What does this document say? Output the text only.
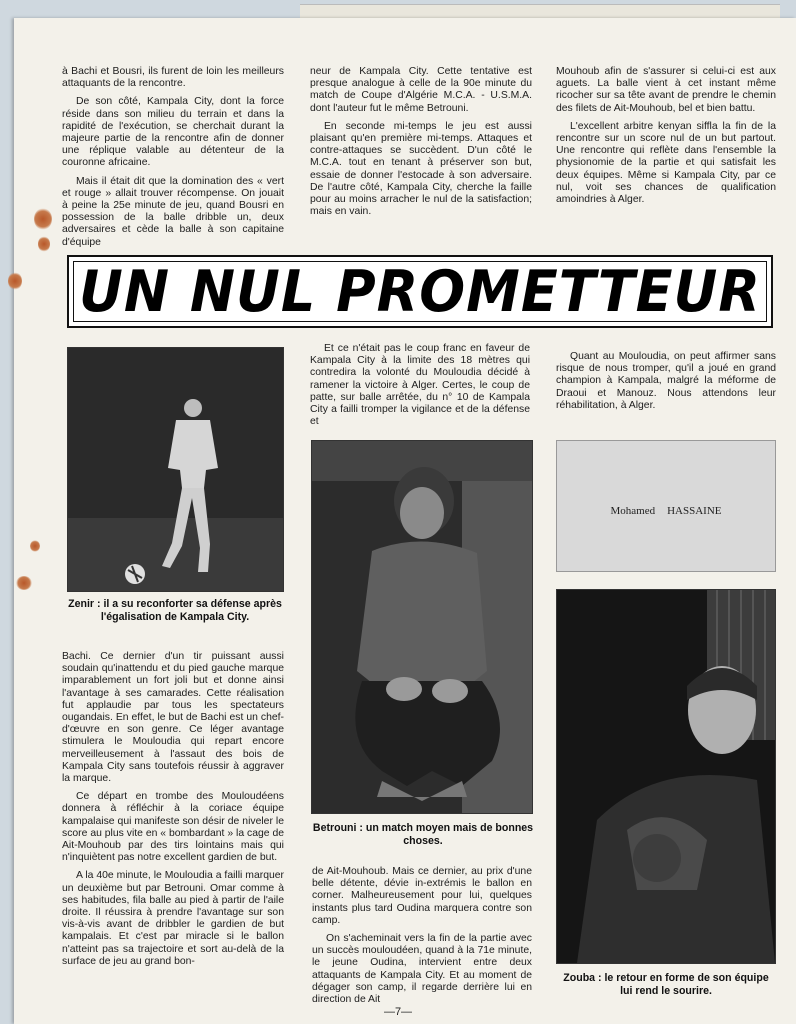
à Bachi et Bousri, ils furent de loin les meilleurs attaquants de la rencontre.

De son côté, Kampala City, dont la force réside dans son milieu du terrain et dans la rapidité de l'exécution, se cherchait durant la majeure partie de la rencontre afin de donner une réplique valable au détenteur de la couronne africaine.

Mais il était dit que la domination des « vert et rouge » allait trouver récompense. On jouait à peine la 25e minute de jeu, quand Bousri en possession de la balle dribble un, deux adversaires et cède la balle à son capitaine d'équipe

neur de Kampala City. Cette tentative est presque analogue à celle de la 90e minute du match de Coupe d'Algérie M.C.A. - U.S.M.A. dont l'auteur fut le même Betrouni.

En seconde mi-temps le jeu est aussi plaisant qu'en première mi-temps. Attaques et contre-attaques se succèdent. D'un côté le M.C.A. tout en tenant à préserver son but, essaie de donner l'estocade à son adversaire. De l'autre côté, Kampala City, cherche la faille pour au moins arracher le nul de la satisfaction; mais en vain.

Mouhoub afin de s'assurer si celui-ci est aux aguets. La balle vient à cet instant même ricocher sur sa tête avant de prendre le chemin des filets de Ait-Mouhoub, bel et bien battu.

L'excellent arbitre kenyan siffla la fin de la rencontre sur un score nul de un but partout. Une rencontre qui reflète dans l'ensemble la physionomie de la partie et qui satisfait les deux équipes. Même si Kampala City, par ce nul, voit ses chances de qualification amoindries à Alger.

UN NUL PROMETTEUR
Zenir : il a su reconforter sa défense après l'égalisation de Kampala City.

Et ce n'était pas le coup franc en faveur de Kampala City à la limite des 18 mètres qui contredira la volonté du Mouloudia décidé à ramener la victoire à Alger. Certes, le coup de patte, sur balle arrêtée, du n° 10 de Kampala City a failli tromper la vigilance et de la défense et

Quant au Mouloudia, on peut affirmer sans risque de nous tromper, qu'il a joué en grand champion à Kampala, malgré la méforme de Draoui et Manouz. Nous attendons leur réhabilitation, à Alger.

Mohamed HASSAINE
Betrouni : un match moyen mais de bonnes choses.
Zouba : le retour en forme de son équipe lui rend le sourire.

Bachi. Ce dernier d'un tir puissant aussi soudain qu'inattendu et du pied gauche marque imparablement un fort joli but et donne ainsi l'avantage à ses camarades. Cette réalisation fut applaudie par tous les spectateurs ougandais. En effet, le but de Bachi est un chef-d'œuvre en son genre. Ce léger avantage stimulera le Mouloudia qui repart encore merveilleusement à l'assaut des bois de Kampala City sans toutefois réussir à aggraver la marque.

Ce départ en trombe des Mouloudéens donnera à réfléchir à la coriace équipe kampalaise qui manifeste son désir de niveler le score au plus vite en « bombardant » la cage de Ait-Mouhoub par des tirs lointains mais qui n'inquiètent pas notre excellent gardien de but.

A la 40e minute, le Mouloudia a failli marquer un deuxième but par Betrouni. Omar comme à ses habitudes, fila balle au pied à partir de l'aile droite. Il réussira à prendre l'avantage sur son vis-à-vis avant de dribbler le gardien de but kampalais. Et c'est par miracle si le ballon n'atteint pas sa trajectoire et sort au-delà de la surface de jeu au grand bon-

de Ait-Mouhoub. Mais ce dernier, au prix d'une belle détente, dévie in-extrémis le ballon en corner. Malheureusement pour lui, quelques instants plus tard Oudina marquera contre son camp.

On s'acheminait vers la fin de la partie avec un succès mouloudéen, quand à la 71e minute, le jeune Oudina, intervient entre deux attaquants de Kampala City. Et au moment de dégager son camp, il regarde derrière lui en direction de Ait

—7—
